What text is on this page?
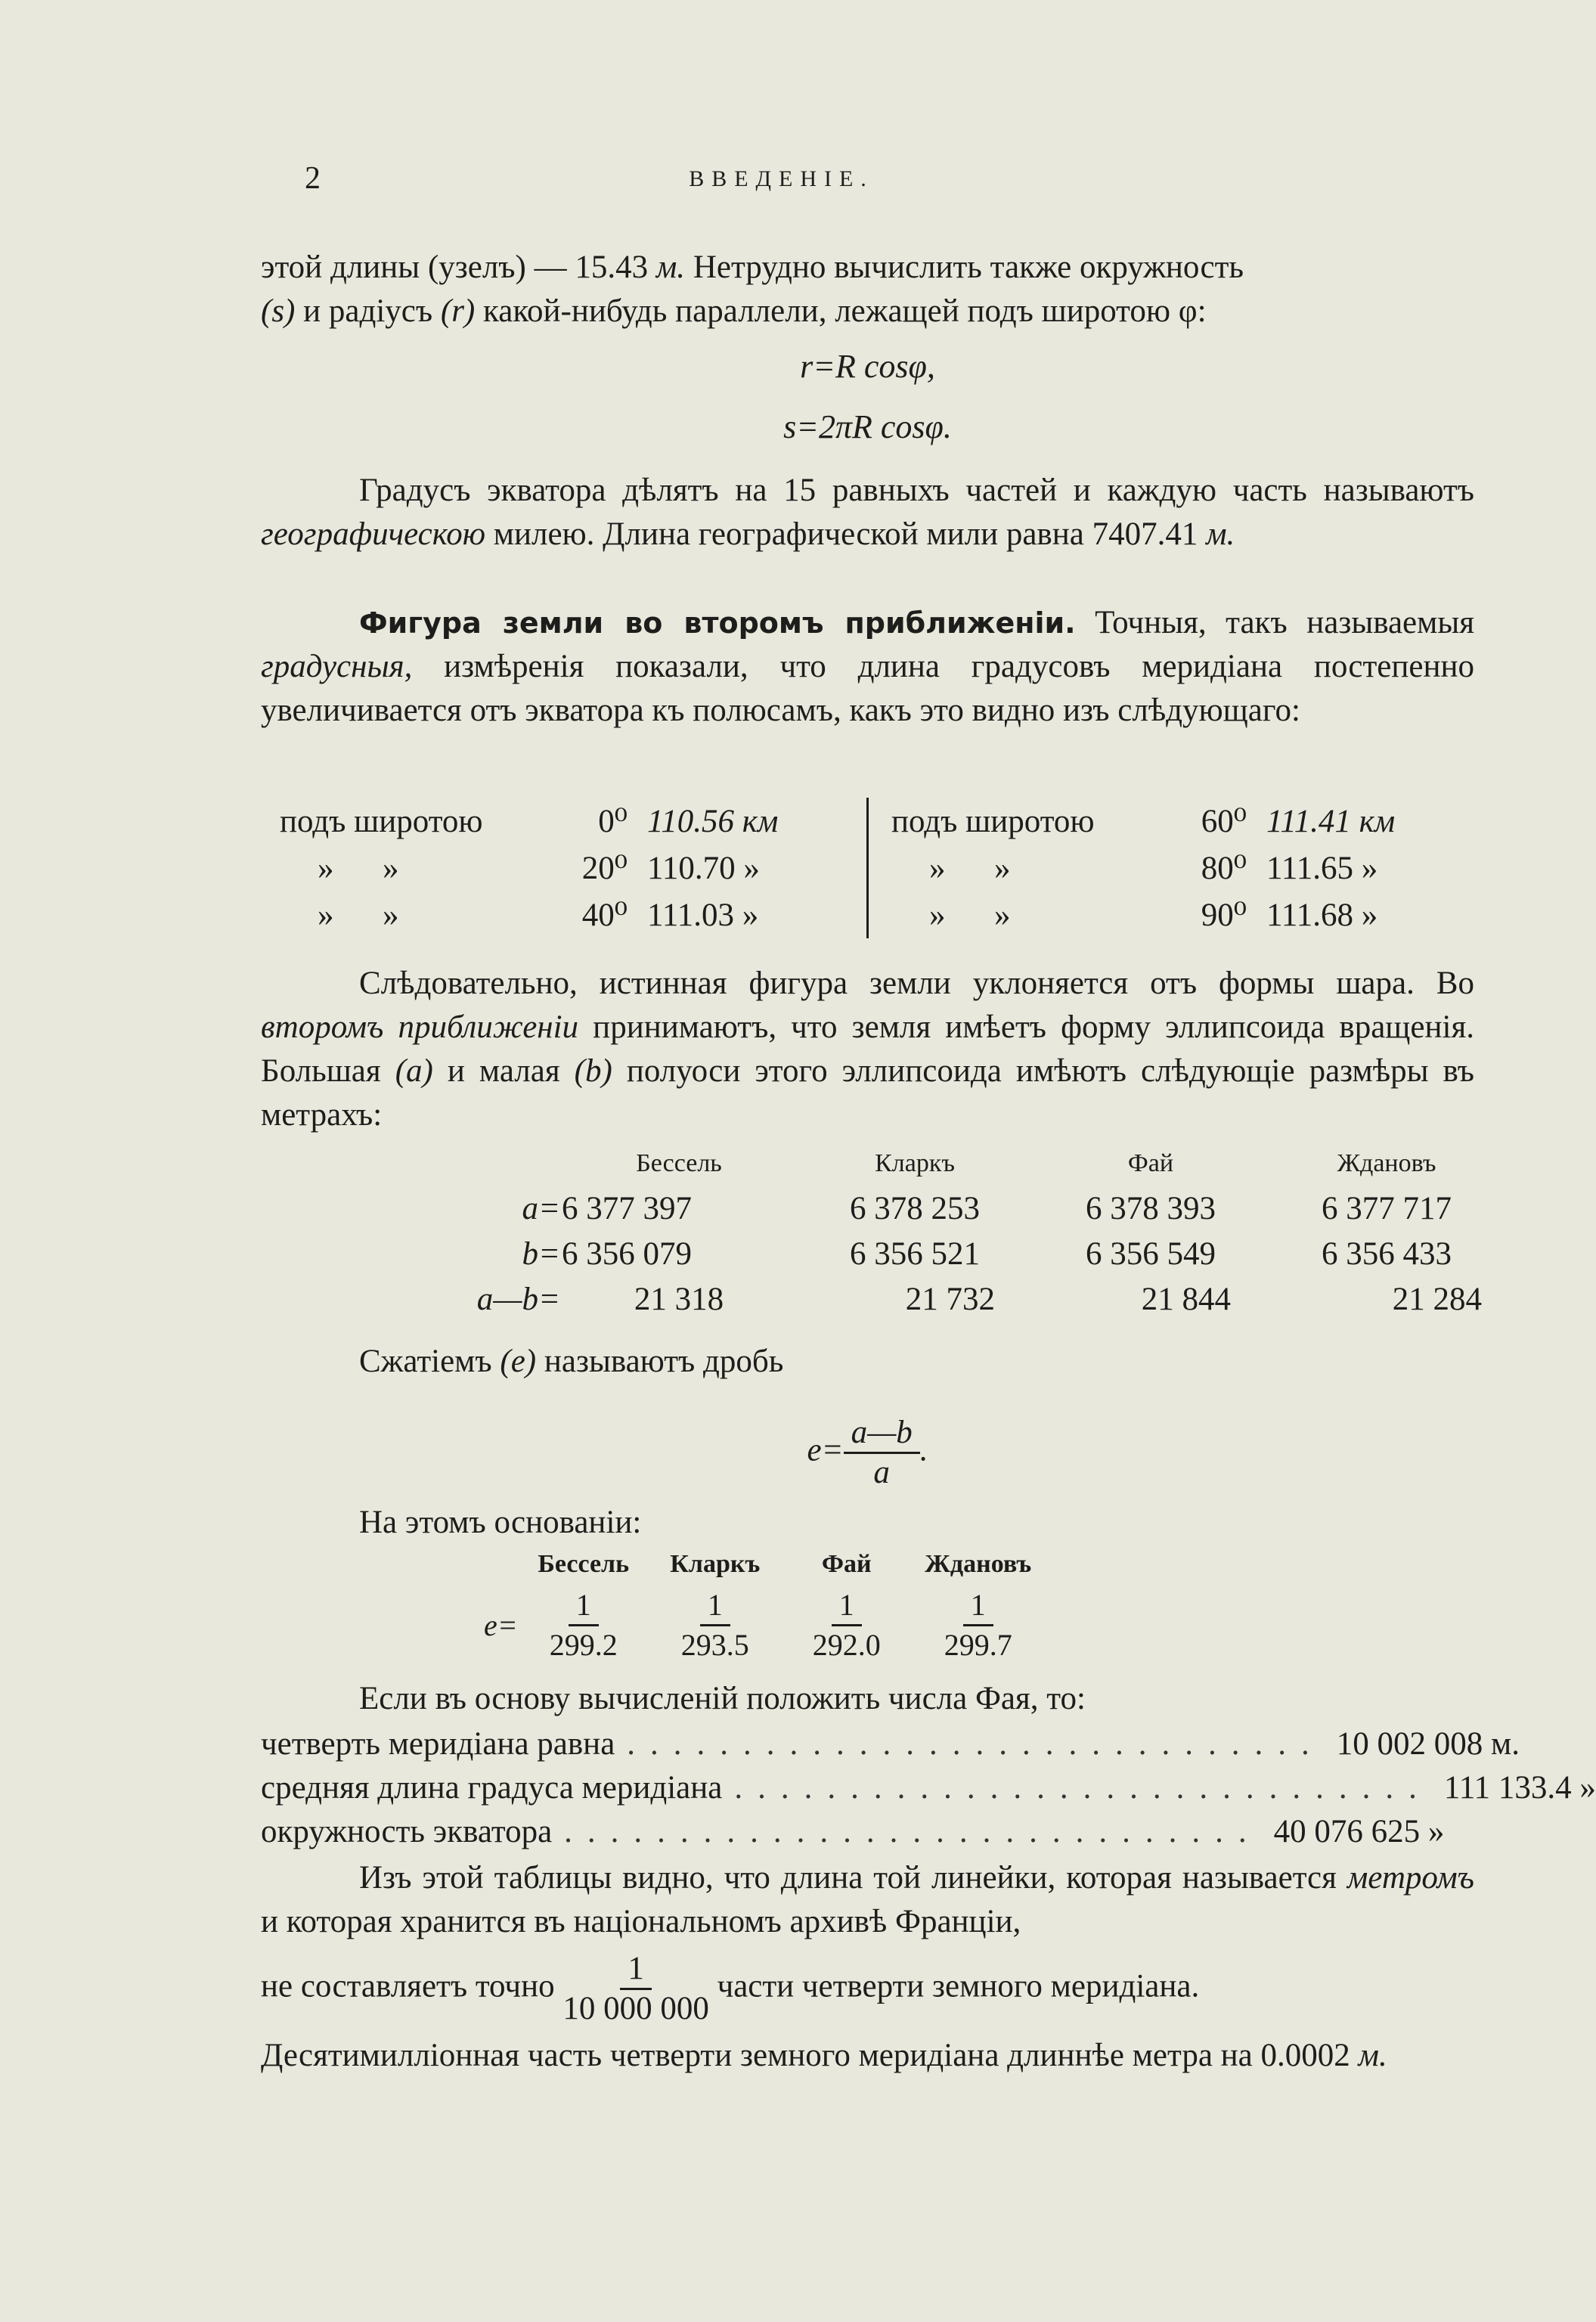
2	ВВЕДЕНIЕ.

этой длины (узелъ) — 15.43 м. Нетрудно вычислить также окружность

(s) и радiусъ (r) какой-нибудь параллели, лежащей подъ широтою φ:

r=R cosφ,

s=2πR cosφ.

Градусъ экватора дѣлятъ на 15 равныхъ частей и каждую часть называютъ географическою милею. Длина географической мили равна 7407.41 м.

Фигура земли во второмъ приближенiи. Точныя, такъ называемыя градусныя, измѣренiя показали, что длина градусовъ меридiана постепенно увеличивается отъ экватора къ полюсамъ, какъ это видно изъ слѣдующаго:

подъ широтою	0⁰	110.56 км		подъ широтою	60⁰	111.41 км
»      »	20⁰	110.70 »		»      »	80⁰	111.65 »
»      »	40⁰	111.03 »		»      »	90⁰	111.68 »

Слѣдовательно, истинная фигура земли уклоняется отъ формы шара. Во второмъ приближенiи принимаютъ, что земля имѣетъ форму эллипсоида вращенiя. Большая (a) и малая (b) полуоси этого эллипсоида имѣютъ слѣдующiе размѣры въ метрахъ:

	Бессель	Кларкъ	Фай	Ждановъ
a=	6 377 397	6 378 253	6 378 393	6 377 717
b=	6 356 079	6 356 521	6 356 549	6 356 433
a—b=	21 318	21 732	21 844	21 284

Сжатiемъ (e) называютъ дробь

$e= \frac{a—b}{a}$ .

На этомъ основанiи:

	Бессель	Кларкъ	Фай	Ждановъ
e=	$\frac{1}{299.2}$	$\frac{1}{293.5}$	$\frac{1}{292.0}$	$\frac{1}{299.7}$

Если въ основу вычисленiй положить числа Фая, то:

четверть меридiана равна .............................. 10 002 008 м.
средняя длина градуса меридiана .............................. 111 133.4 »
окружность экватора .............................. 40 076 625 »

Изъ этой таблицы видно, что длина той линейки, которая называется метромъ и которая хранится въ нацiональномъ архивѣ Францiи,

не составляетъ точно $\frac{1}{10 000 000}$ части четверти земного меридiана.

Десятимиллiонная часть четверти земного меридiана длиннѣе метра на 0.0002 м.
